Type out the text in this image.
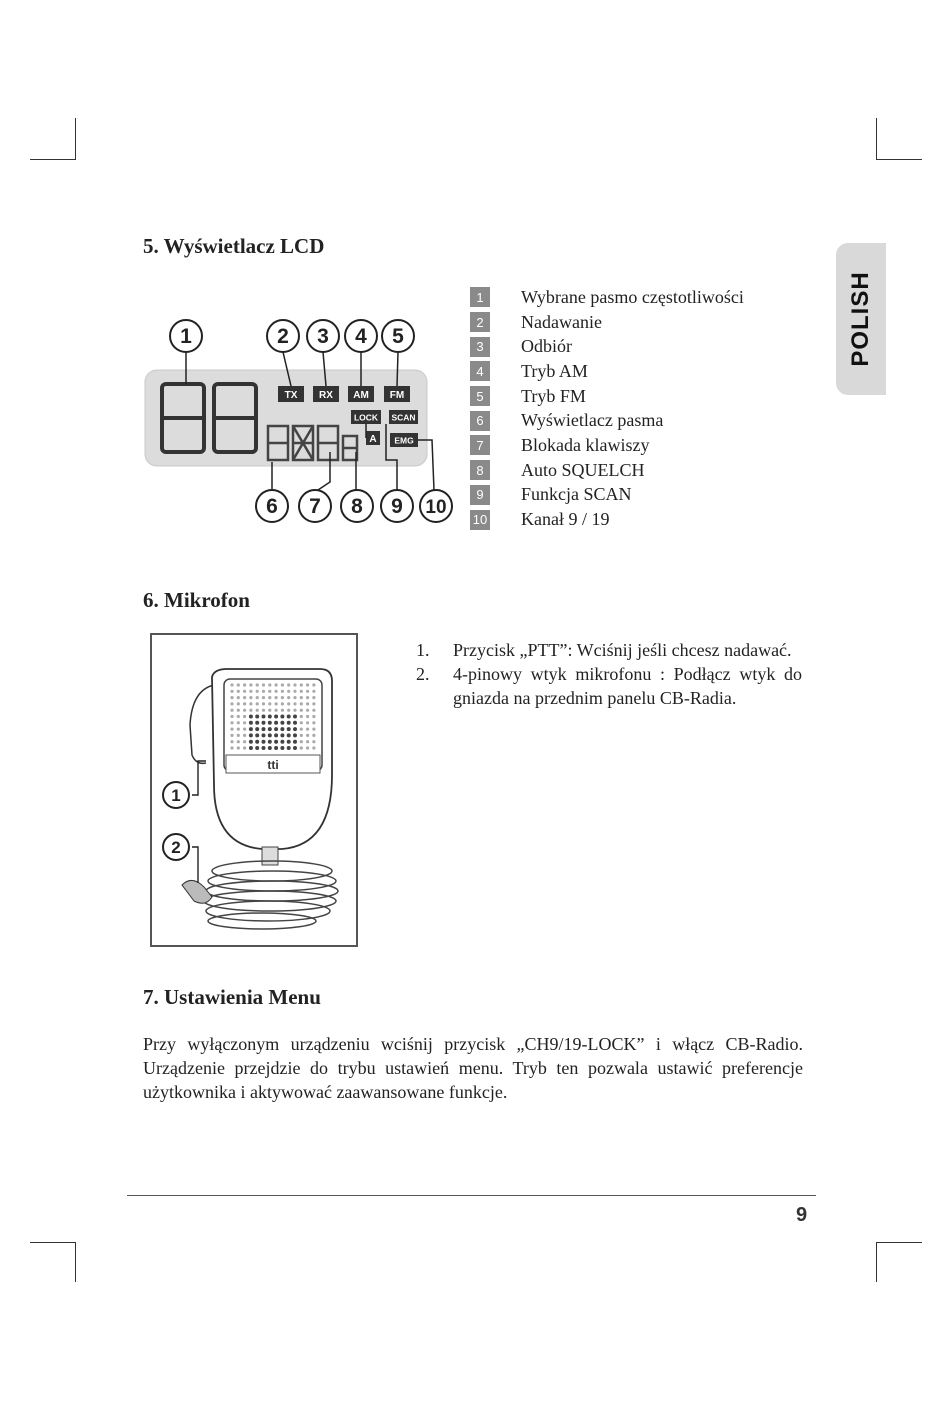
POLISH
5. Wyświetlacz LCD
TX RX AM FM
LOCK SCAN
A EMG
1	2 3 4 5
6 7 8 9 10
1	Wybrane pasmo częstotliwości
2	Nadawanie
3	Odbiór
4	Tryb AM
5	Tryb FM
6	Wyświetlacz pasma
7	Blokada klawiszy
8	Auto SQUELCH
9	Funkcja SCAN
10 Kanał 9 / 19
6. Mikrofon
tti
1
2
1.	Przycisk „PTT”: Wciśnij jeśli chcesz nadawać.
2.	4-pinowy wtyk mikrofonu : Podłącz wtyk do gniazda na przednim panelu CB-Radia.
7. Ustawienia Menu

Przy wyłączonym urządzeniu wciśnij przycisk „CH9/19-LOCK” i włącz CB-Radio. Urządzenie przejdzie do trybu ustawień menu. Tryb ten pozwala ustawić preferencje użytkownika i aktywować zaawansowane funkcje.

9
